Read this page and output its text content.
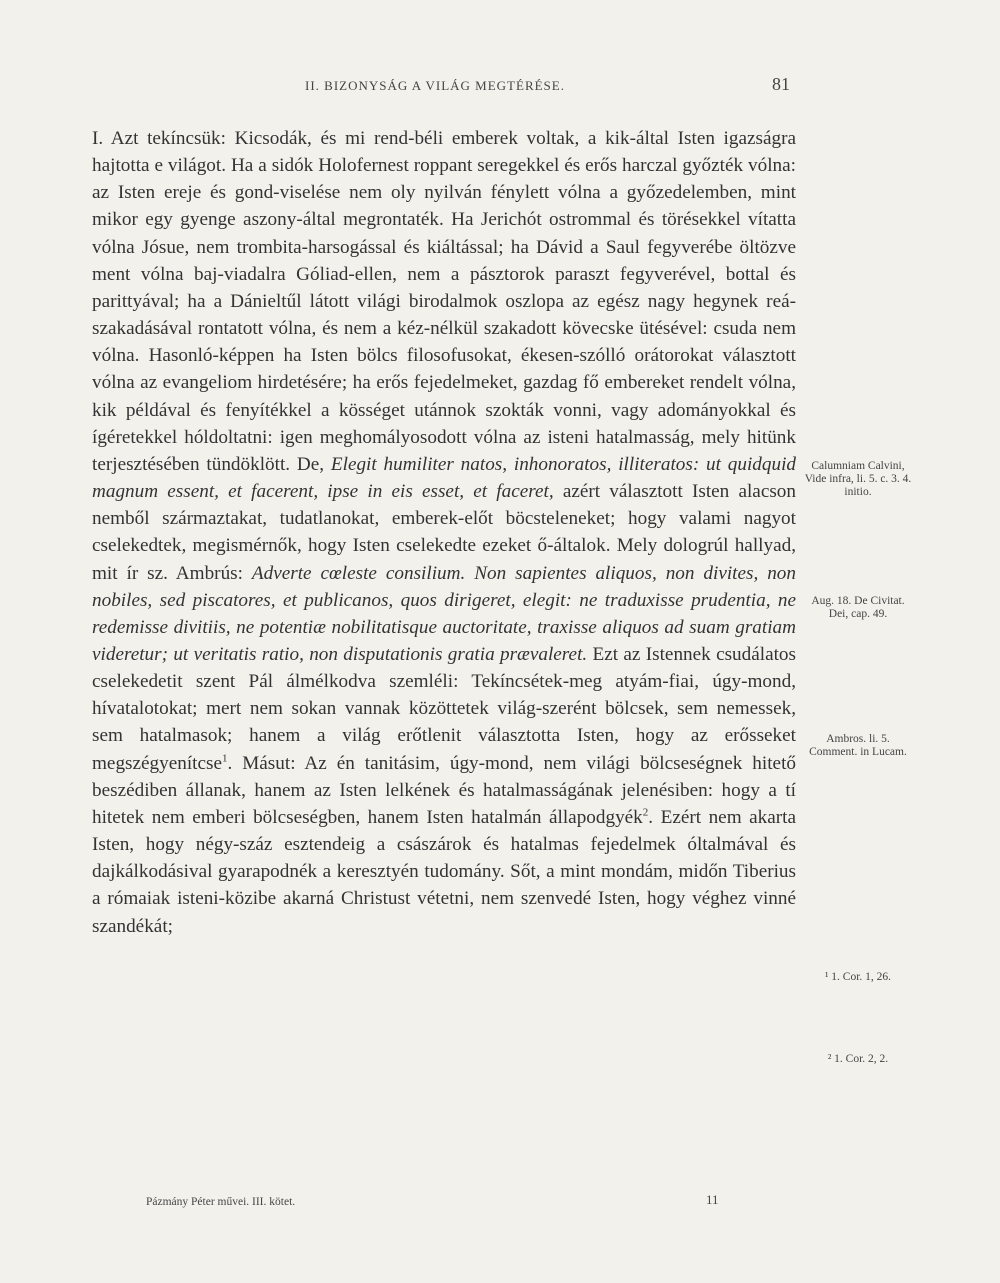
II. BIZONYSÁG A VILÁG MEGTÉRÉSE.	81

I. Azt tekíncsük: Kicsodák, és mi rend-béli emberek voltak, a kik-által Isten igazságra hajtotta e világot. Ha a sidók Holofernest roppant seregekkel és erős harczal győzték vólna: az Isten ereje és gond-viselése nem oly nyilván fénylett vólna a győzedelemben, mint mikor egy gyenge aszony-által megrontaték. Ha Jerichót ostrommal és törésekkel vítatta vólna Jósue, nem trombita-harsogással és kiáltással; ha Dávid a Saul fegyverébe öltözve ment vólna baj-viadalra Góliad-ellen, nem a pásztorok paraszt fegyverével, bottal és parittyával; ha a Dánieltűl látott világi birodalmok oszlopa az egész nagy hegynek reá-szakadásával rontatott vólna, és nem a kéz-nélkül szakadott kövecske ütésével: csuda nem vólna. Hasonló-képpen ha Isten bölcs filosofusokat, ékesen-szólló orátorokat választott vólna az evangeliom hirdetésére; ha erős fejedelmeket, gazdag fő embereket rendelt vólna, kik példával és fenyítékkel a kösséget utánnok szokták vonni, vagy adományokkal és ígéretekkel hóldoltatni: igen meghomályosodott vólna az isteni hatalmasság, mely hitünk terjesztésében tündöklött. De, Elegit humiliter natos, inhonoratos, illiteratos: ut quidquid magnum essent, et facerent, ipse in eis esset, et faceret, azért választott Isten alacson nemből származtakat, tudatlanokat, emberek-előt böcsteleneket; hogy valami nagyot cselekedtek, megismérnők, hogy Isten cselekedte ezeket ő-általok. Mely dologrúl hallyad, mit ír sz. Ambrús: Adverte cœleste consilium. Non sapientes aliquos, non divites, non nobiles, sed piscatores, et publicanos, quos dirigeret, elegit: ne traduxisse prudentia, ne redemisse divitiis, ne potentiæ nobilitatisque auctoritate, traxisse aliquos ad suam gratiam videretur; ut veritatis ratio, non disputationis gratia prævaleret. Ezt az Istennek csudálatos cselekedetit szent Pál álmélkodva szemléli: Tekíncsétek-meg atyám-fiai, úgy-mond, hívatalotokat; mert nem sokan vannak közöttetek világ-szerént bölcsek, sem nemessek, sem hatalmasok; hanem a világ erőtlenit választotta Isten, hogy az erősseket megszégyenítcse$^1$. Másut: Az én tanitásim, úgy-mond, nem világi bölcseségnek hitető beszédiben állanak, hanem az Isten lelkének és hatalmasságának jelenésiben: hogy a tí hitetek nem emberi bölcseségben, hanem Isten hatalmán állapodgyék$^2$. Ezért nem akarta Isten, hogy négy-száz esztendeig a császárok és hatalmas fejedelmek óltalmával és dajkálkodásival gyarapodnék a keresztyén tudomány. Sőt, a mint mondám, midőn Tiberius a rómaiak isteni-közibe akarná Christust vétetni, nem szenvedé Isten, hogy véghez vinné szandékát;

Calumniam Calvini, Vide infra, li. 5. c. 3. 4. initio.
Aug. 18. De Civitat. Dei, cap. 49.
Ambros. li. 5. Comment. in Lucam.
¹ 1. Cor. 1, 26.
² 1. Cor. 2, 2.
Pázmány Péter művei. III. kötet.	11
